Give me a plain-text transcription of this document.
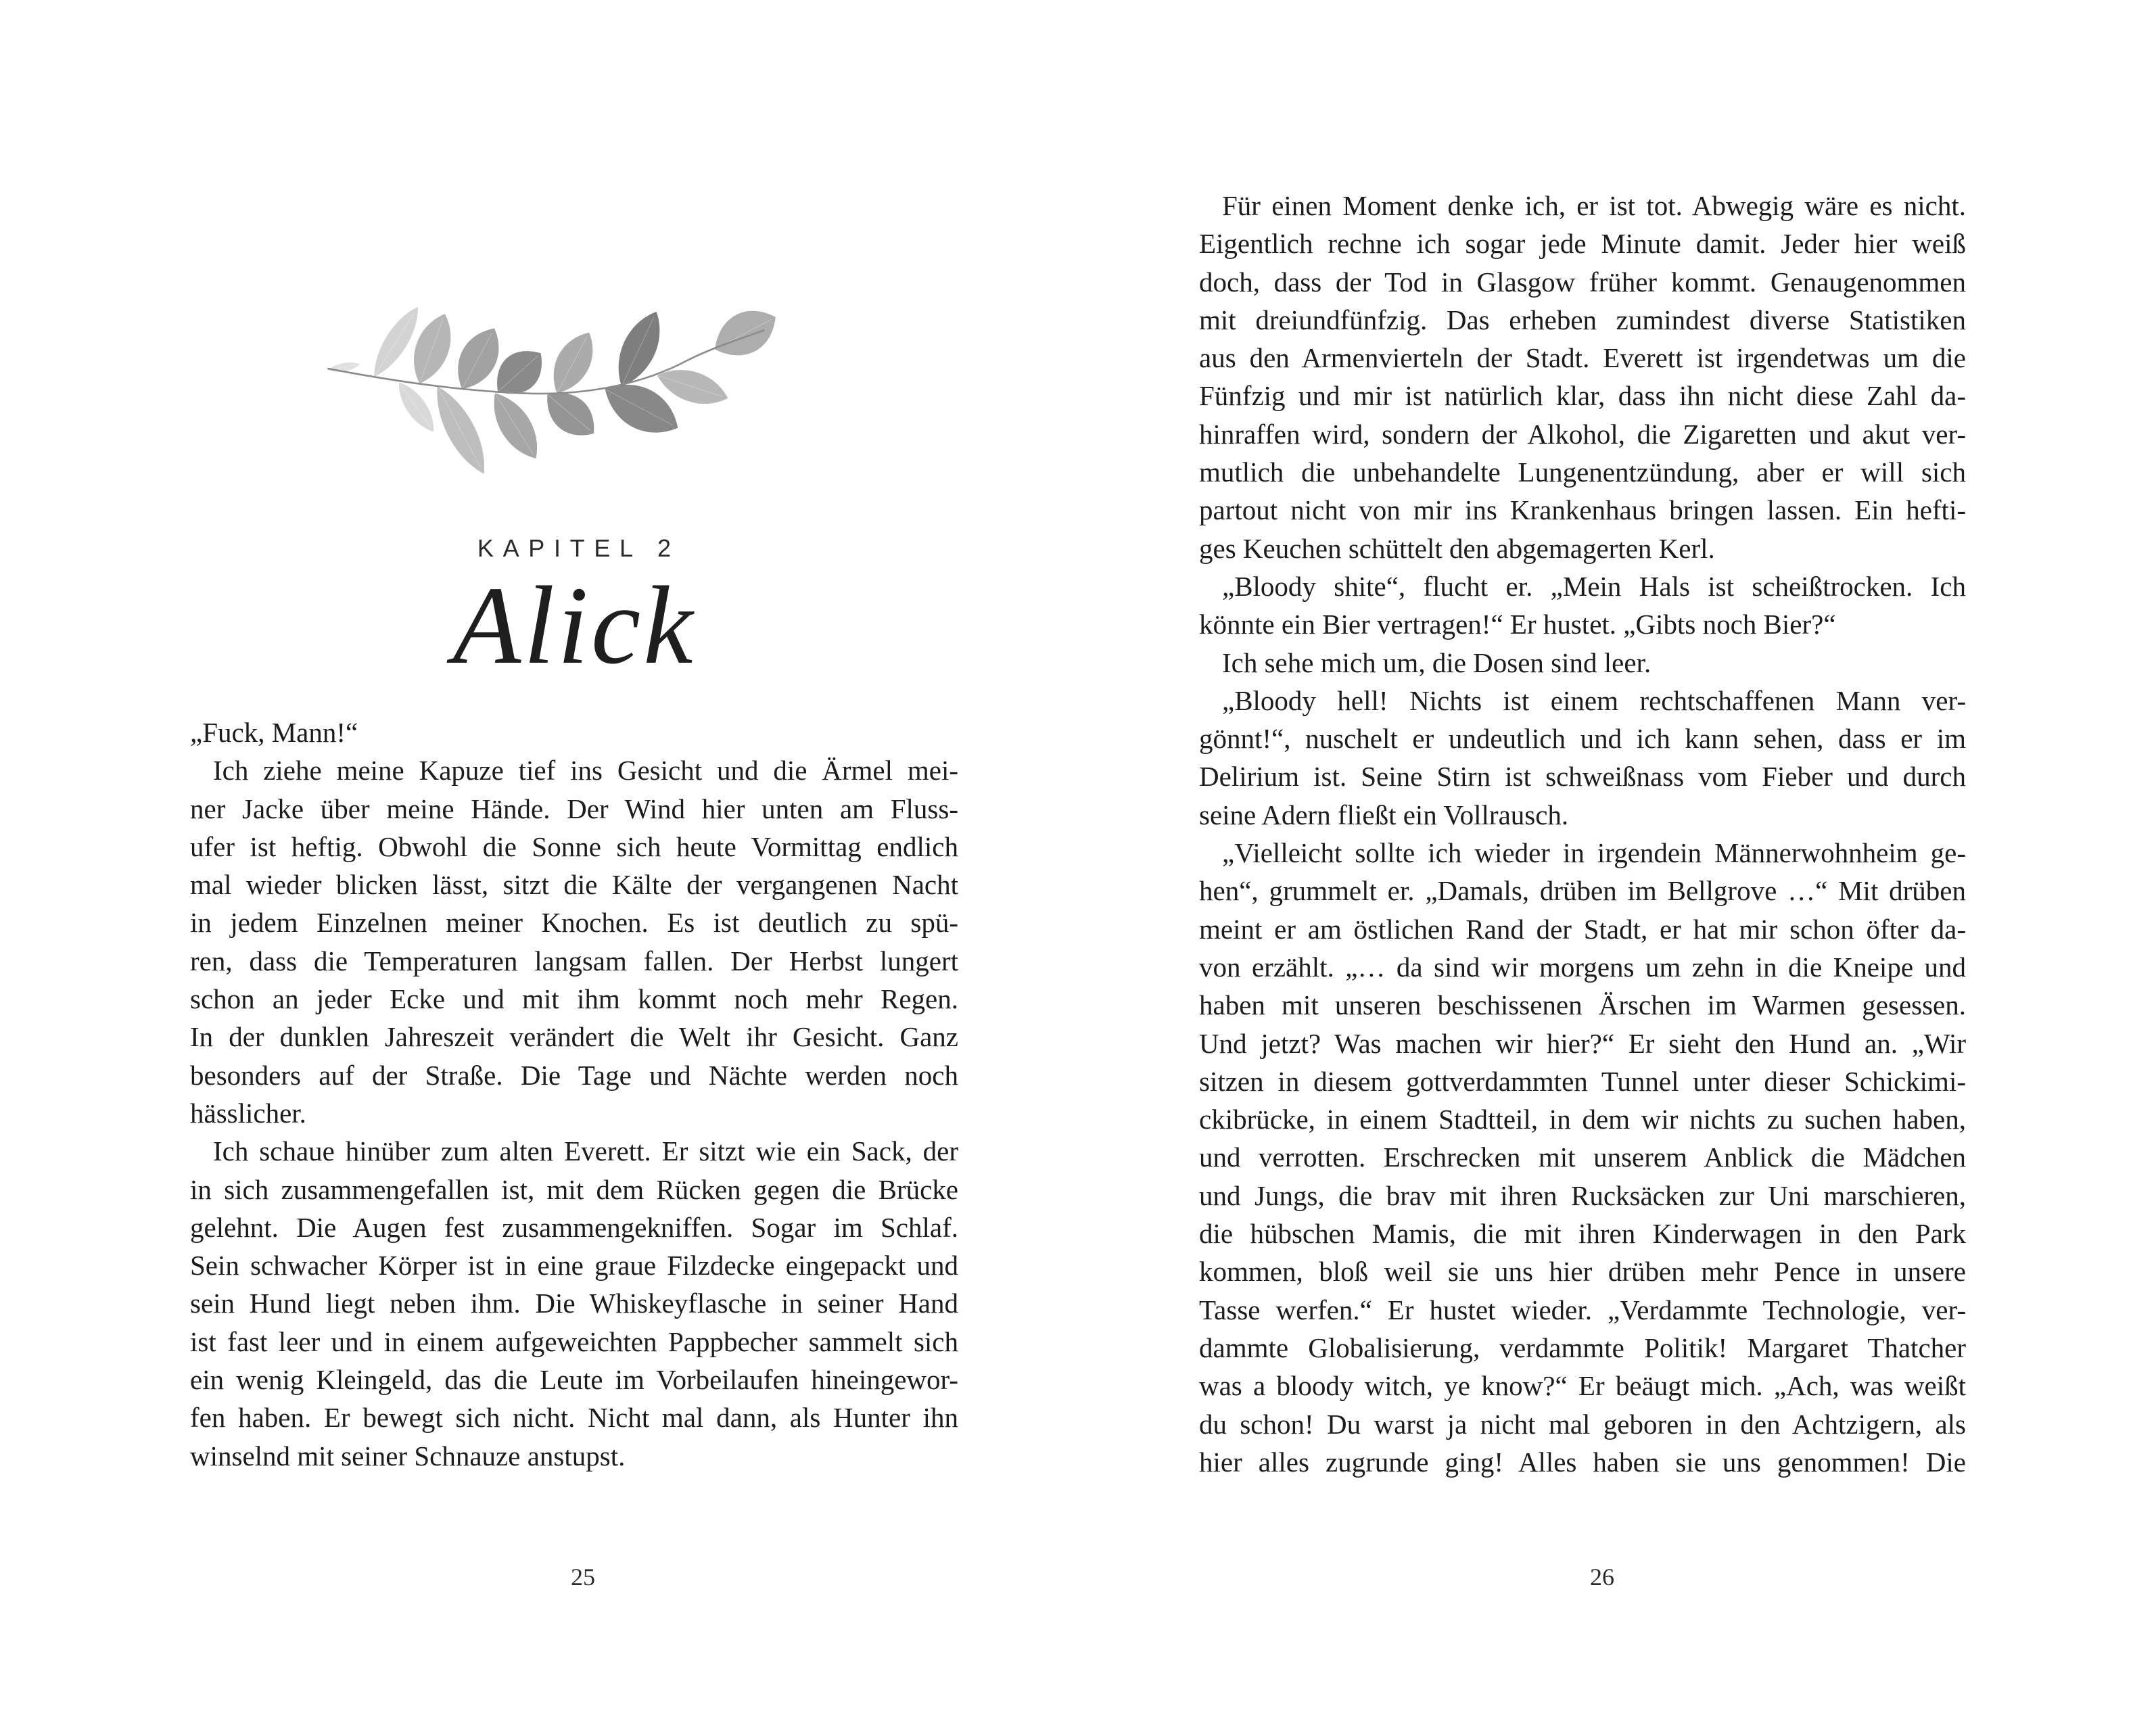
KAPITEL 2
Alick
„Fuck, Mann!“
Ich ziehe meine Kapuze tief ins Gesicht und die Ärmel mei-
ner Jacke über meine Hände. Der Wind hier unten am Fluss-
ufer ist heftig. Obwohl die Sonne sich heute Vormittag endlich
mal wieder blicken lässt, sitzt die Kälte der vergangenen Nacht
in jedem Einzelnen meiner Knochen. Es ist deutlich zu spü-
ren, dass die Temperaturen langsam fallen. Der Herbst lungert
schon an jeder Ecke und mit ihm kommt noch mehr Regen.
In der dunklen Jahreszeit verändert die Welt ihr Gesicht. Ganz
besonders auf der Straße. Die Tage und Nächte werden noch
hässlicher.
Ich schaue hinüber zum alten Everett. Er sitzt wie ein Sack, der
in sich zusammengefallen ist, mit dem Rücken gegen die Brücke
gelehnt. Die Augen fest zusammengekniffen. Sogar im Schlaf.
Sein schwacher Körper ist in eine graue Filzdecke eingepackt und
sein Hund liegt neben ihm. Die Whiskeyflasche in seiner Hand
ist fast leer und in einem aufgeweichten Pappbecher sammelt sich
ein wenig Kleingeld, das die Leute im Vorbeilaufen hineingewor-
fen haben. Er bewegt sich nicht. Nicht mal dann, als Hunter ihn
winselnd mit seiner Schnauze anstupst.
25
Für einen Moment denke ich, er ist tot. Abwegig wäre es nicht.
Eigentlich rechne ich sogar jede Minute damit. Jeder hier weiß
doch, dass der Tod in Glasgow früher kommt. Genaugenommen
mit dreiundfünfzig. Das erheben zumindest diverse Statistiken
aus den Armenvierteln der Stadt. Everett ist irgendetwas um die
Fünfzig und mir ist natürlich klar, dass ihn nicht diese Zahl da-
hinraffen wird, sondern der Alkohol, die Zigaretten und akut ver-
mutlich die unbehandelte Lungenentzündung, aber er will sich
partout nicht von mir ins Krankenhaus bringen lassen. Ein hefti-
ges Keuchen schüttelt den abgemagerten Kerl.
„Bloody shite“, flucht er. „Mein Hals ist scheißtrocken. Ich
könnte ein Bier vertragen!“ Er hustet. „Gibts noch Bier?“
Ich sehe mich um, die Dosen sind leer.
„Bloody hell! Nichts ist einem rechtschaffenen Mann ver-
gönnt!“, nuschelt er undeutlich und ich kann sehen, dass er im
Delirium ist. Seine Stirn ist schweißnass vom Fieber und durch
seine Adern fließt ein Vollrausch.
„Vielleicht sollte ich wieder in irgendein Männerwohnheim ge-
hen“, grummelt er. „Damals, drüben im Bellgrove …“ Mit drüben
meint er am östlichen Rand der Stadt, er hat mir schon öfter da-
von erzählt. „… da sind wir morgens um zehn in die Kneipe und
haben mit unseren beschissenen Ärschen im Warmen gesessen.
Und jetzt? Was machen wir hier?“ Er sieht den Hund an. „Wir
sitzen in diesem gottverdammten Tunnel unter dieser Schickimi-
ckibrücke, in einem Stadtteil, in dem wir nichts zu suchen haben,
und verrotten. Erschrecken mit unserem Anblick die Mädchen
und Jungs, die brav mit ihren Rucksäcken zur Uni marschieren,
die hübschen Mamis, die mit ihren Kinderwagen in den Park
kommen, bloß weil sie uns hier drüben mehr Pence in unsere
Tasse werfen.“ Er hustet wieder. „Verdammte Technologie, ver-
dammte Globalisierung, verdammte Politik! Margaret Thatcher
was a bloody witch, ye know?“ Er beäugt mich. „Ach, was weißt
du schon! Du warst ja nicht mal geboren in den Achtzigern, als
hier alles zugrunde ging! Alles haben sie uns genommen! Die
26
